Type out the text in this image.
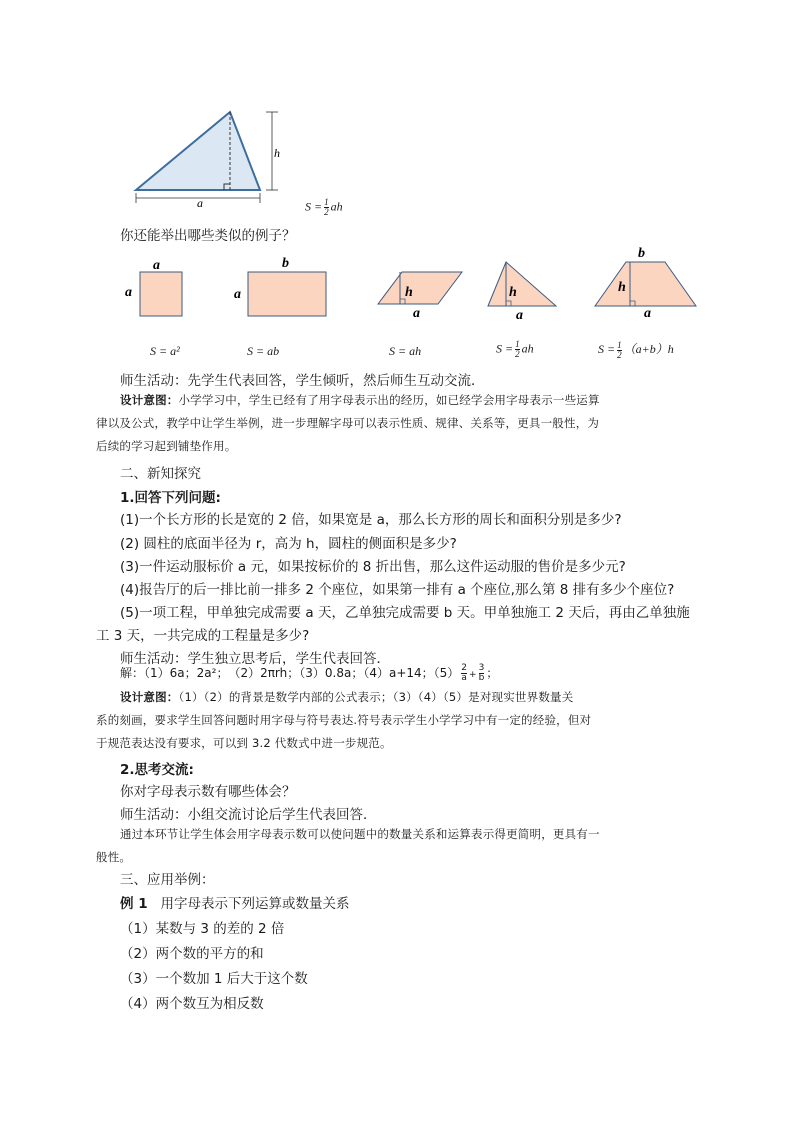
h
a	$S = \frac{1}{2}$ ah
你还能举出哪些类似的例子？
a
a
b
a	h
a
h
a
b
h
a
S = a²	S = ab	S = ah	$S = \frac{1}{2}$ ah	$S = \frac{1}{2} (a+b)h$
师生活动：先学生代表回答，学生倾听，然后师生互动交流．
设计意图：小学学习中，学生已经有了用字母表示出的经历，如已经学会用字母表示一些运算
律以及公式，教学中让学生举例，进一步理解字母可以表示性质、规律、关系等，更具一般性，为
后续的学习起到铺垫作用。
二、新知探究
1.回答下列问题:
(1)一个长方形的长是宽的 2 倍，如果宽是 a，那么长方形的周长和面积分别是多少?
(2) 圆柱的底面半径为 r，高为 h，圆柱的侧面积是多少?
(3)一件运动服标价 a 元，如果按标价的 8 折出售，那么这件运动服的售价是多少元?
(4)报告厅的后一排比前一排多 2 个座位，如果第一排有 a 个座位,那么第 8 排有多少个座位?
(5)一项工程，甲单独完成需要 a 天，乙单独完成需要 b 天。甲单独施工 2 天后，再由乙单独施
工 3 天，一共完成的工程量是多少?
师生活动：学生独立思考后，学生代表回答．
解：（1）6a；2a²；　（2）2πrh；（3）0.8a；（4）a+14；$(5) \frac{2}{a} + \frac{3}{b}$ ；
设计意图：（1）（2）的背景是数学内部的公式表示；（3）（4）（5）是对现实世界数量关
系的刻画，要求学生回答问题时用字母与符号表达.符号表示学生小学学习中有一定的经验，但对
于规范表达没有要求，可以到 3.2 代数式中进一步规范。
2.思考交流:
你对字母表示数有哪些体会？
师生活动：小组交流讨论后学生代表回答．
通过本环节让学生体会用字母表示数可以使问题中的数量关系和运算表示得更简明，更具有一
般性。
三、应用举例：
例 1 用字母表示下列运算或数量关系
（1）某数与 3 的差的 2 倍
（2）两个数的平方的和
（3）一个数加 1 后大于这个数
（4）两个数互为相反数
